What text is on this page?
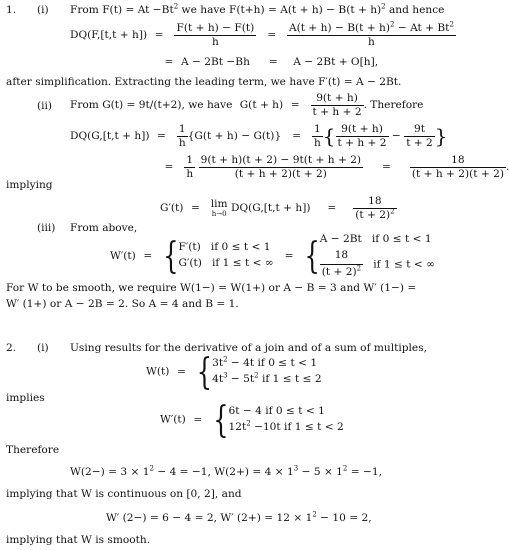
1. (i) From $F(t) = At -Bt^2$ we have $F(t+h) = A(t + h) - B(t + h)^2$ and hence
$DQ(F,[t,t + h]) = \frac{F(t + h) - F(t)}{h} = \frac{A(t + h) - B(t + h)^2 - At + Bt^2}{h}$
= A − 2Bt −Bh = A − 2Bt + O[h],
after simplification. Extracting the leading term, we have F′(t) = A − 2Bt.
(ii) From G(t) = 9t/(t+2), we have $G(t + h) = \frac{9(t + h)}{t + h + 2}$ . Therefore
$DQ(G,[t,t + h]) = \frac{1}{h} \{G(t + h) - G(t)\} = \frac{1}{h}$ { $\frac{9(t + h)}{t + h + 2} - \frac{9t}{t + 2}$ }
= $\frac{1}{h}$
$\frac{9(t + h)(t + 2) - 9t(t + h + 2)}{(t + h + 2)(t + 2)} = \frac{18}{(t + h + 2)(t + 2)}$
implying
G′(t) = lim
h→0 $DQ(G,[t,t + h]) = \frac{18}{(t + 2)^2}$
(iii) From above,
W′(t) = { F′(t) if 0 ≤ t < 1
G′(t) if 1 ≤ t < ∞
= { A − 2Bt if 0 ≤ t < 1
$\frac{18}{(t + 2)^2}$ if 1 ≤ t < ∞
For W to be smooth, we require W(1−) = W(1+) or A − B = 3 and W′ (1−) =
W′ (1+) or A − 2B = 2. So A = 4 and B = 1.
2. (i) Using results for the derivative of a join and of a sum of multiples,
W(t) = { $3t^2 - 4t$ if 0 ≤ t < 1
$4t^3 - 5t^2$ if 1 ≤ t ≤ 2
implies
W′(t) = { 6t − 4 if 0 ≤ t < 1
$12t^2 -10t$ if 1 ≤ t < 2
Therefore
$W(2-) = 3 \times 1^2 - 4 = -1$, $W(2+) = 4 \times 1^3 - 5 \times 1^2 = -1$,
implying that W is continuous on [0, 2], and
W′ (2−) = 6 − 4 = 2, W′ $(2+) = 12 \times 1^2 - 10 = 2$,
implying that W is smooth.
